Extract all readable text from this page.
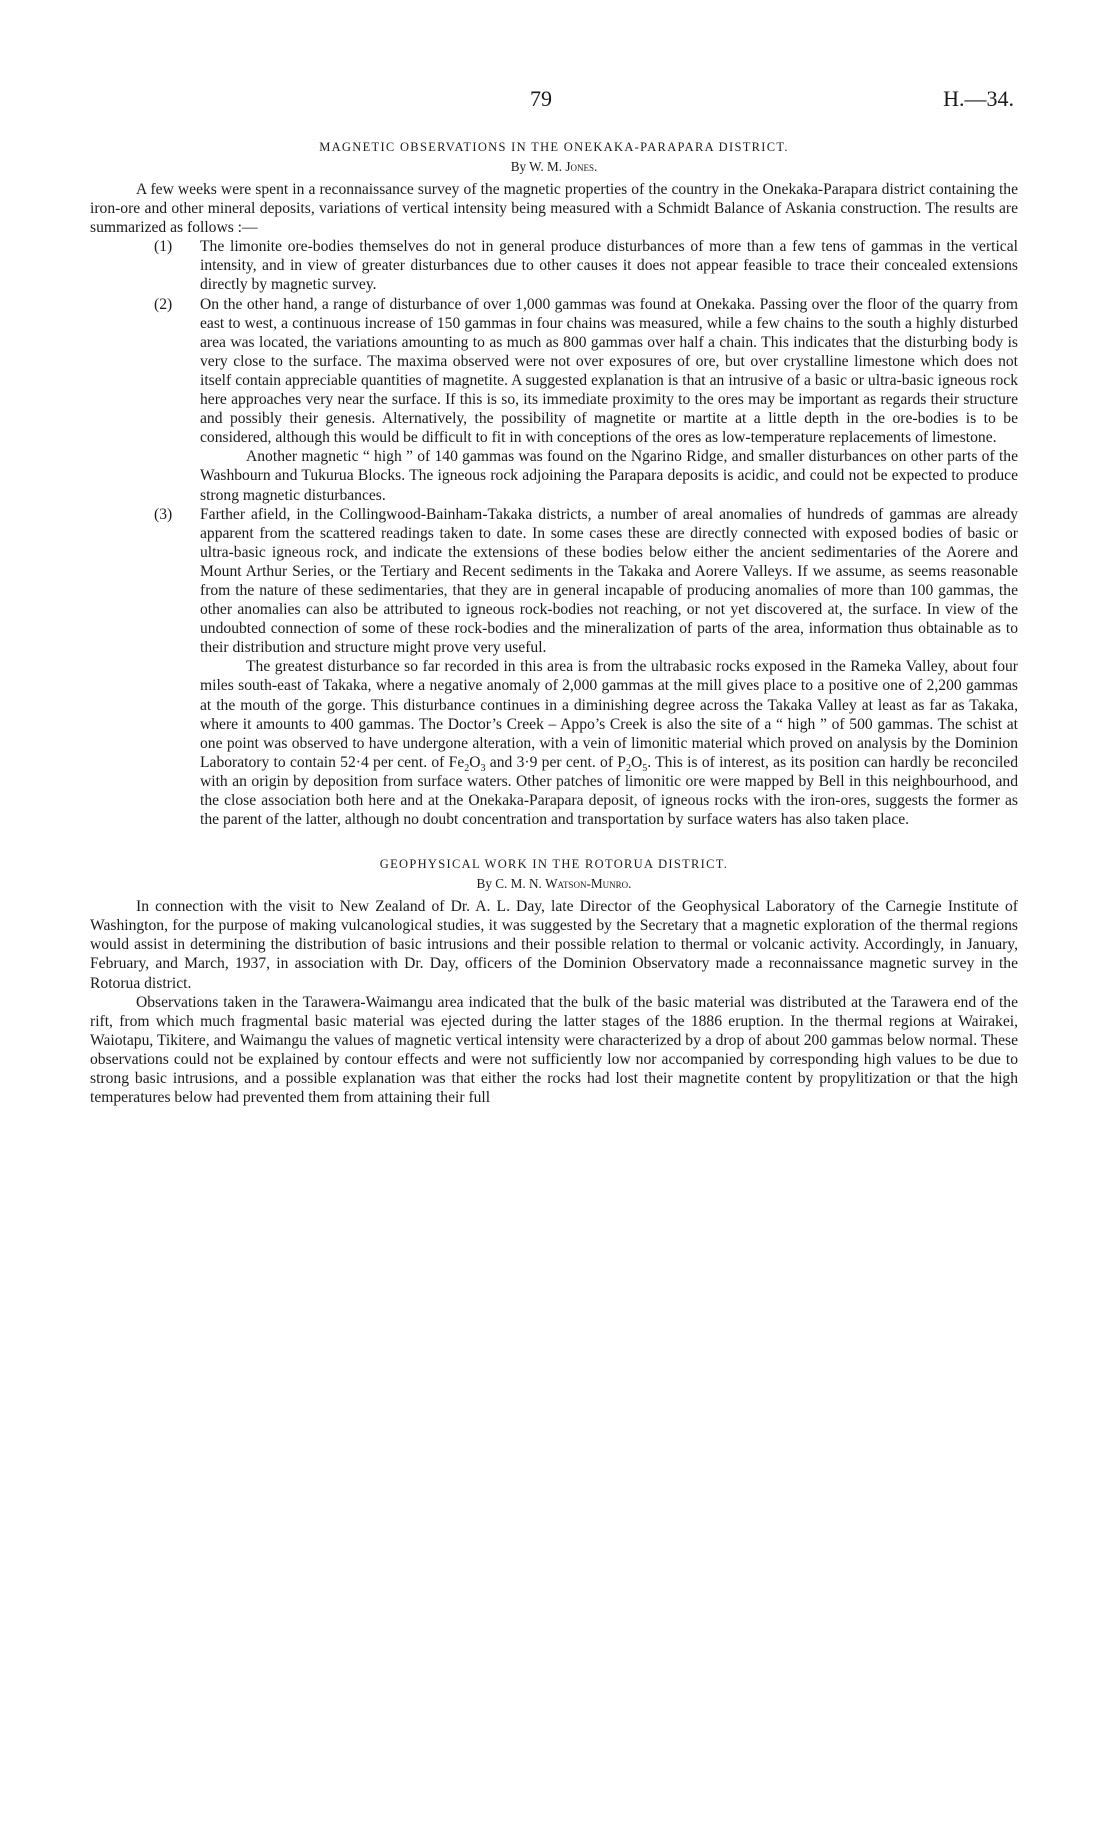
79	H.—34.
MAGNETIC OBSERVATIONS IN THE ONEKAKA-PARAPARA DISTRICT.
By W. M. Jones.

A few weeks were spent in a reconnaissance survey of the magnetic properties of the country in the Onekaka-Parapara district containing the iron-ore and other mineral deposits, variations of vertical intensity being measured with a Schmidt Balance of Askania construction. The results are summarized as follows :—

(1)	The limonite ore-bodies themselves do not in general produce disturbances of more than a few tens of gammas in the vertical intensity, and in view of greater disturbances due to other causes it does not appear feasible to trace their concealed extensions directly by magnetic survey.

(2)	On the other hand, a range of disturbance of over 1,000 gammas was found at Onekaka. Passing over the floor of the quarry from east to west, a continuous increase of 150 gammas in four chains was measured, while a few chains to the south a highly disturbed area was located, the variations amounting to as much as 800 gammas over half a chain. This indicates that the disturbing body is very close to the surface. The maxima observed were not over exposures of ore, but over crystalline limestone which does not itself contain appreciable quantities of magnetite. A suggested explanation is that an intrusive of a basic or ultra-basic igneous rock here approaches very near the surface. If this is so, its immediate proximity to the ores may be important as regards their structure and possibly their genesis. Alternatively, the possibility of magnetite or martite at a little depth in the ore-bodies is to be considered, although this would be difficult to fit in with conceptions of the ores as low-temperature replacements of limestone.

Another magnetic “ high ” of 140 gammas was found on the Ngarino Ridge, and smaller disturbances on other parts of the Washbourn and Tukurua Blocks. The igneous rock adjoining the Parapara deposits is acidic, and could not be expected to produce strong magnetic disturbances.

(3)	Farther afield, in the Collingwood-Bainham-Takaka districts, a number of areal anomalies of hundreds of gammas are already apparent from the scattered readings taken to date. In some cases these are directly connected with exposed bodies of basic or ultra-basic igneous rock, and indicate the extensions of these bodies below either the ancient sedimentaries of the Aorere and Mount Arthur Series, or the Tertiary and Recent sediments in the Takaka and Aorere Valleys. If we assume, as seems reasonable from the nature of these sedimentaries, that they are in general incapable of producing anomalies of more than 100 gammas, the other anomalies can also be attributed to igneous rock-bodies not reaching, or not yet discovered at, the surface. In view of the undoubted connection of some of these rock-bodies and the mineralization of parts of the area, information thus obtainable as to their distribution and structure might prove very useful.

The greatest disturbance so far recorded in this area is from the ultrabasic rocks exposed in the Rameka Valley, about four miles south-east of Takaka, where a negative anomaly of 2,000 gammas at the mill gives place to a positive one of 2,200 gammas at the mouth of the gorge. This disturbance continues in a diminishing degree across the Takaka Valley at least as far as Takaka, where it amounts to 400 gammas. The Doctor’s Creek – Appo’s Creek is also the site of a “ high ” of 500 gammas. The schist at one point was observed to have undergone alteration, with a vein of limonitic material which proved on analysis by the Dominion Laboratory to contain 52·4 per cent. of $Fe_2O_3$ and 3·9 per cent. of $P_2O_5$. This is of interest, as its position can hardly be reconciled with an origin by deposition from surface waters. Other patches of limonitic ore were mapped by Bell in this neighbourhood, and the close association both here and at the Onekaka-Parapara deposit, of igneous rocks with the iron-ores, suggests the former as the parent of the latter, although no doubt concentration and transportation by surface waters has also taken place.

GEOPHYSICAL WORK IN THE ROTORUA DISTRICT.
By C. M. N. Watson-Munro.

In connection with the visit to New Zealand of Dr. A. L. Day, late Director of the Geophysical Laboratory of the Carnegie Institute of Washington, for the purpose of making vulcanological studies, it was suggested by the Secretary that a magnetic exploration of the thermal regions would assist in determining the distribution of basic intrusions and their possible relation to thermal or volcanic activity. Accordingly, in January, February, and March, 1937, in association with Dr. Day, officers of the Dominion Observatory made a reconnaissance magnetic survey in the Rotorua district.

Observations taken in the Tarawera-Waimangu area indicated that the bulk of the basic material was distributed at the Tarawera end of the rift, from which much fragmental basic material was ejected during the latter stages of the 1886 eruption. In the thermal regions at Wairakei, Waiotapu, Tikitere, and Waimangu the values of magnetic vertical intensity were characterized by a drop of about 200 gammas below normal. These observations could not be explained by contour effects and were not sufficiently low nor accompanied by corresponding high values to be due to strong basic intrusions, and a possible explanation was that either the rocks had lost their magnetite content by propylitization or that the high temperatures below had prevented them from attaining their full
